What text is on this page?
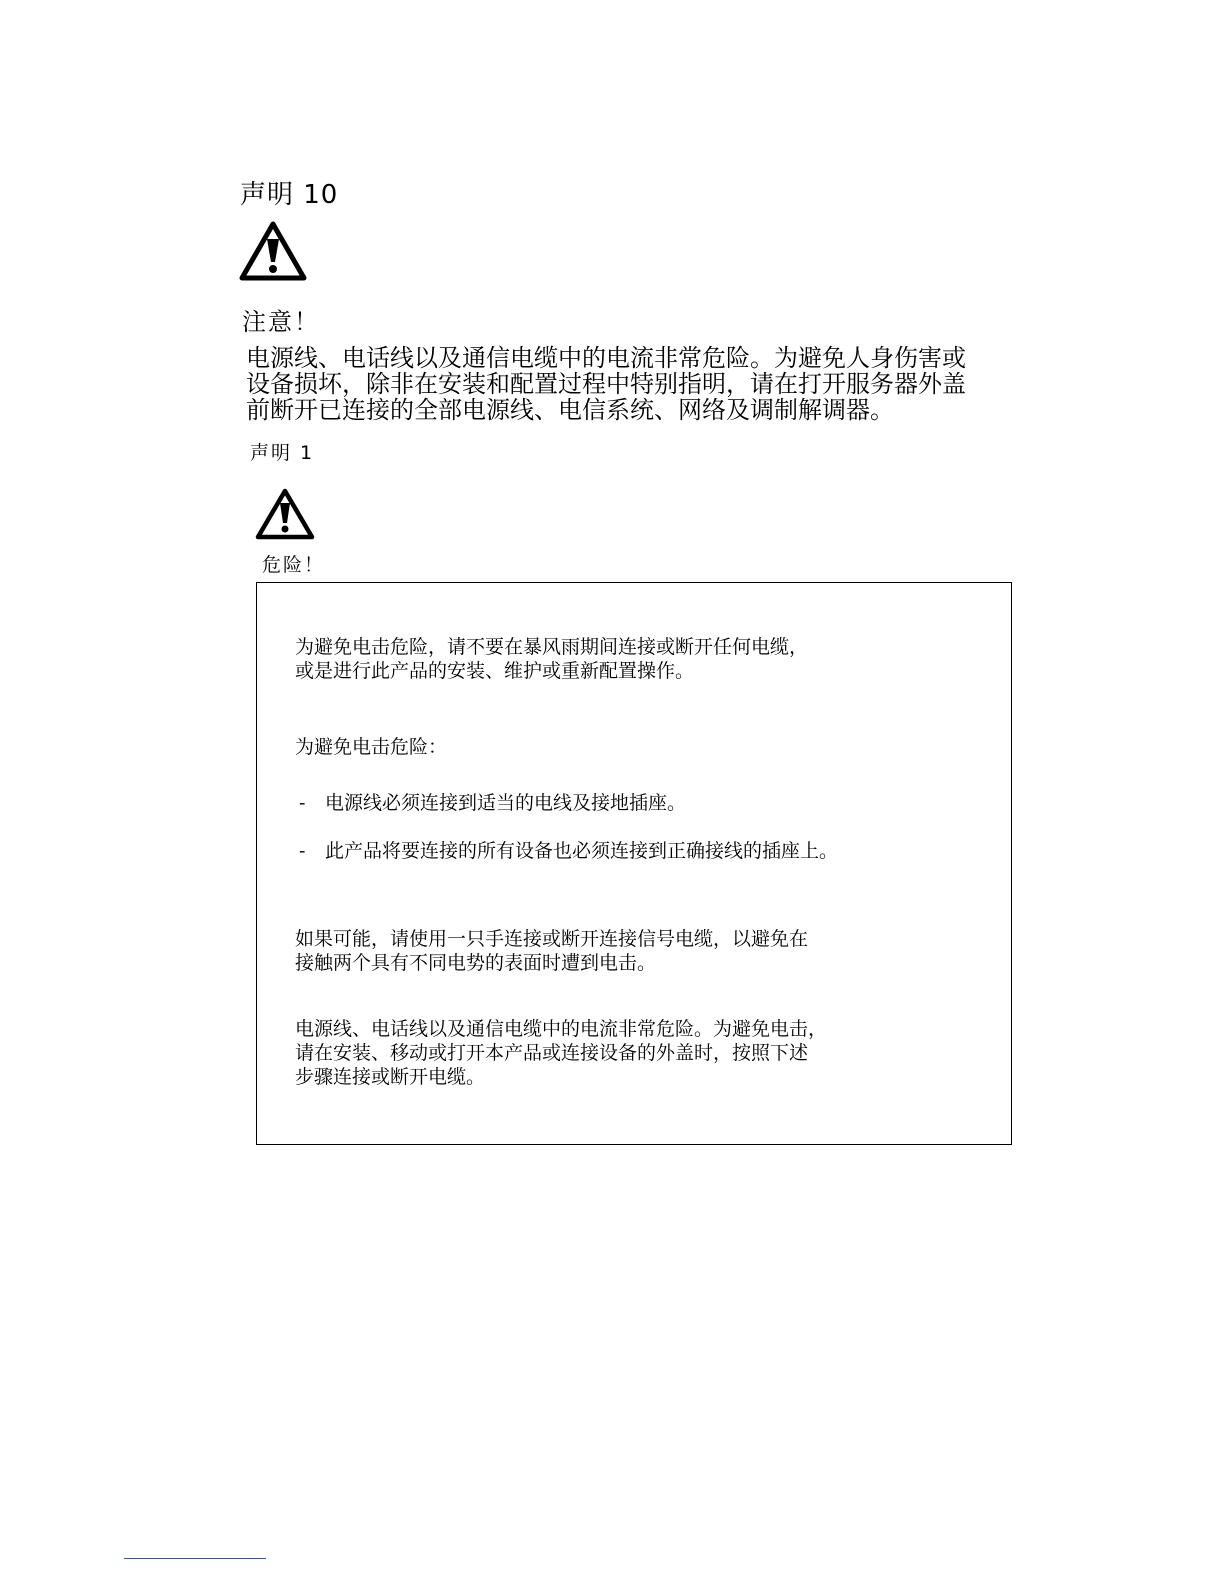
声明 10
注意！
电源线、电话线以及通信电缆中的电流非常危险。为避免人身伤害或
设备损坏，除非在安装和配置过程中特别指明，请在打开服务器外盖
前断开已连接的全部电源线、电信系统、网络及调制解调器。
声明 1
危险！
为避免电击危险，请不要在暴风雨期间连接或断开任何电缆，
或是进行此产品的安装、维护或重新配置操作。
为避免电击危险：
- 电源线必须连接到适当的电线及接地插座。
- 此产品将要连接的所有设备也必须连接到正确接线的插座上。
如果可能，请使用一只手连接或断开连接信号电缆，以避免在
接触两个具有不同电势的表面时遭到电击。
电源线、电话线以及通信电缆中的电流非常危险。为避免电击，
请在安装、移动或打开本产品或连接设备的外盖时，按照下述
步骤连接或断开电缆。
